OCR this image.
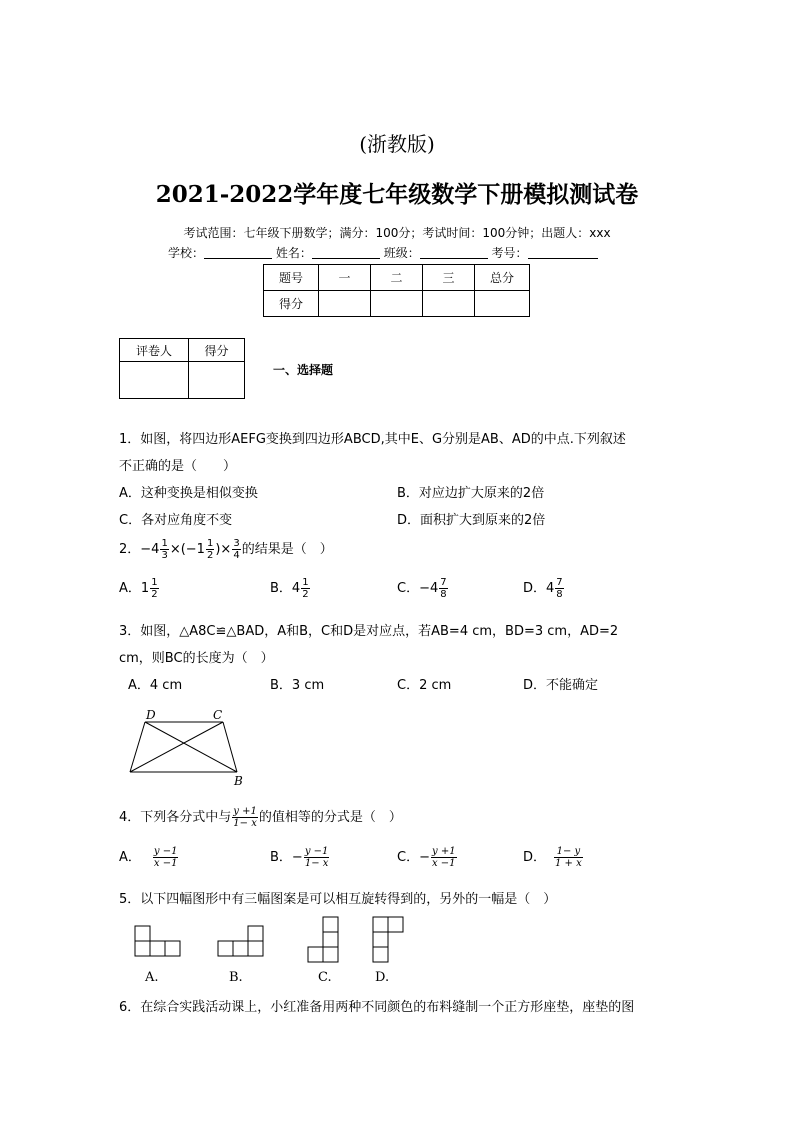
(浙教版)
2021-2022学年度七年级数学下册模拟测试卷
考试范围：七年级下册数学；满分：100分；考试时间：100分钟；出题人：xxx
学校：	姓名：	班级：	考号：
题号	一	二	三	总分
得分				
评卷人	得分

一、选择题
1．如图，将四边形AEFG变换到四边形ABCD,其中E、G分别是AB、AD的中点.下列叙述
不正确的是（　　）
A．这种变换是相似变换	B．对应边扩大原来的2倍
C．各对应角度不变	D．面积扩大到原来的2倍
2．$-4 \frac{1}{3} \times(-1 \frac{1}{2}$ )× $\frac{3}{4}$ 的结果是（　）
A．$1 \frac{1}{2}$	B．$4 \frac{1}{2}$	C．$-4 \frac{7}{8}$	D．$4 \frac{7}{8}$
3．如图，△A8C≌△BAD，A和B，C和D是对应点，若AB=4 cm，BD=3 cm，AD=2
cm，则BC的长度为（　）
A．4 cm	B．3 cm	C．2 cm	D．不能确定
D	C
B
4．下列各分式中与 $\frac{y +1}{1- x}$ 的值相等的分式是（　）
A． $\frac{y -1}{x -1}$	B．− $\frac{y -1}{1- x}$	C．− $\frac{y +1}{x -1}$	D． $\frac{1- y}{1 + x}$
5．以下四幅图形中有三幅图案是可以相互旋转得到的，另外的一幅是（　）
A.	B.	C.	D.
6．在综合实践活动课上，小红准备用两种不同颜色的布料缝制一个正方形座垫，座垫的图
